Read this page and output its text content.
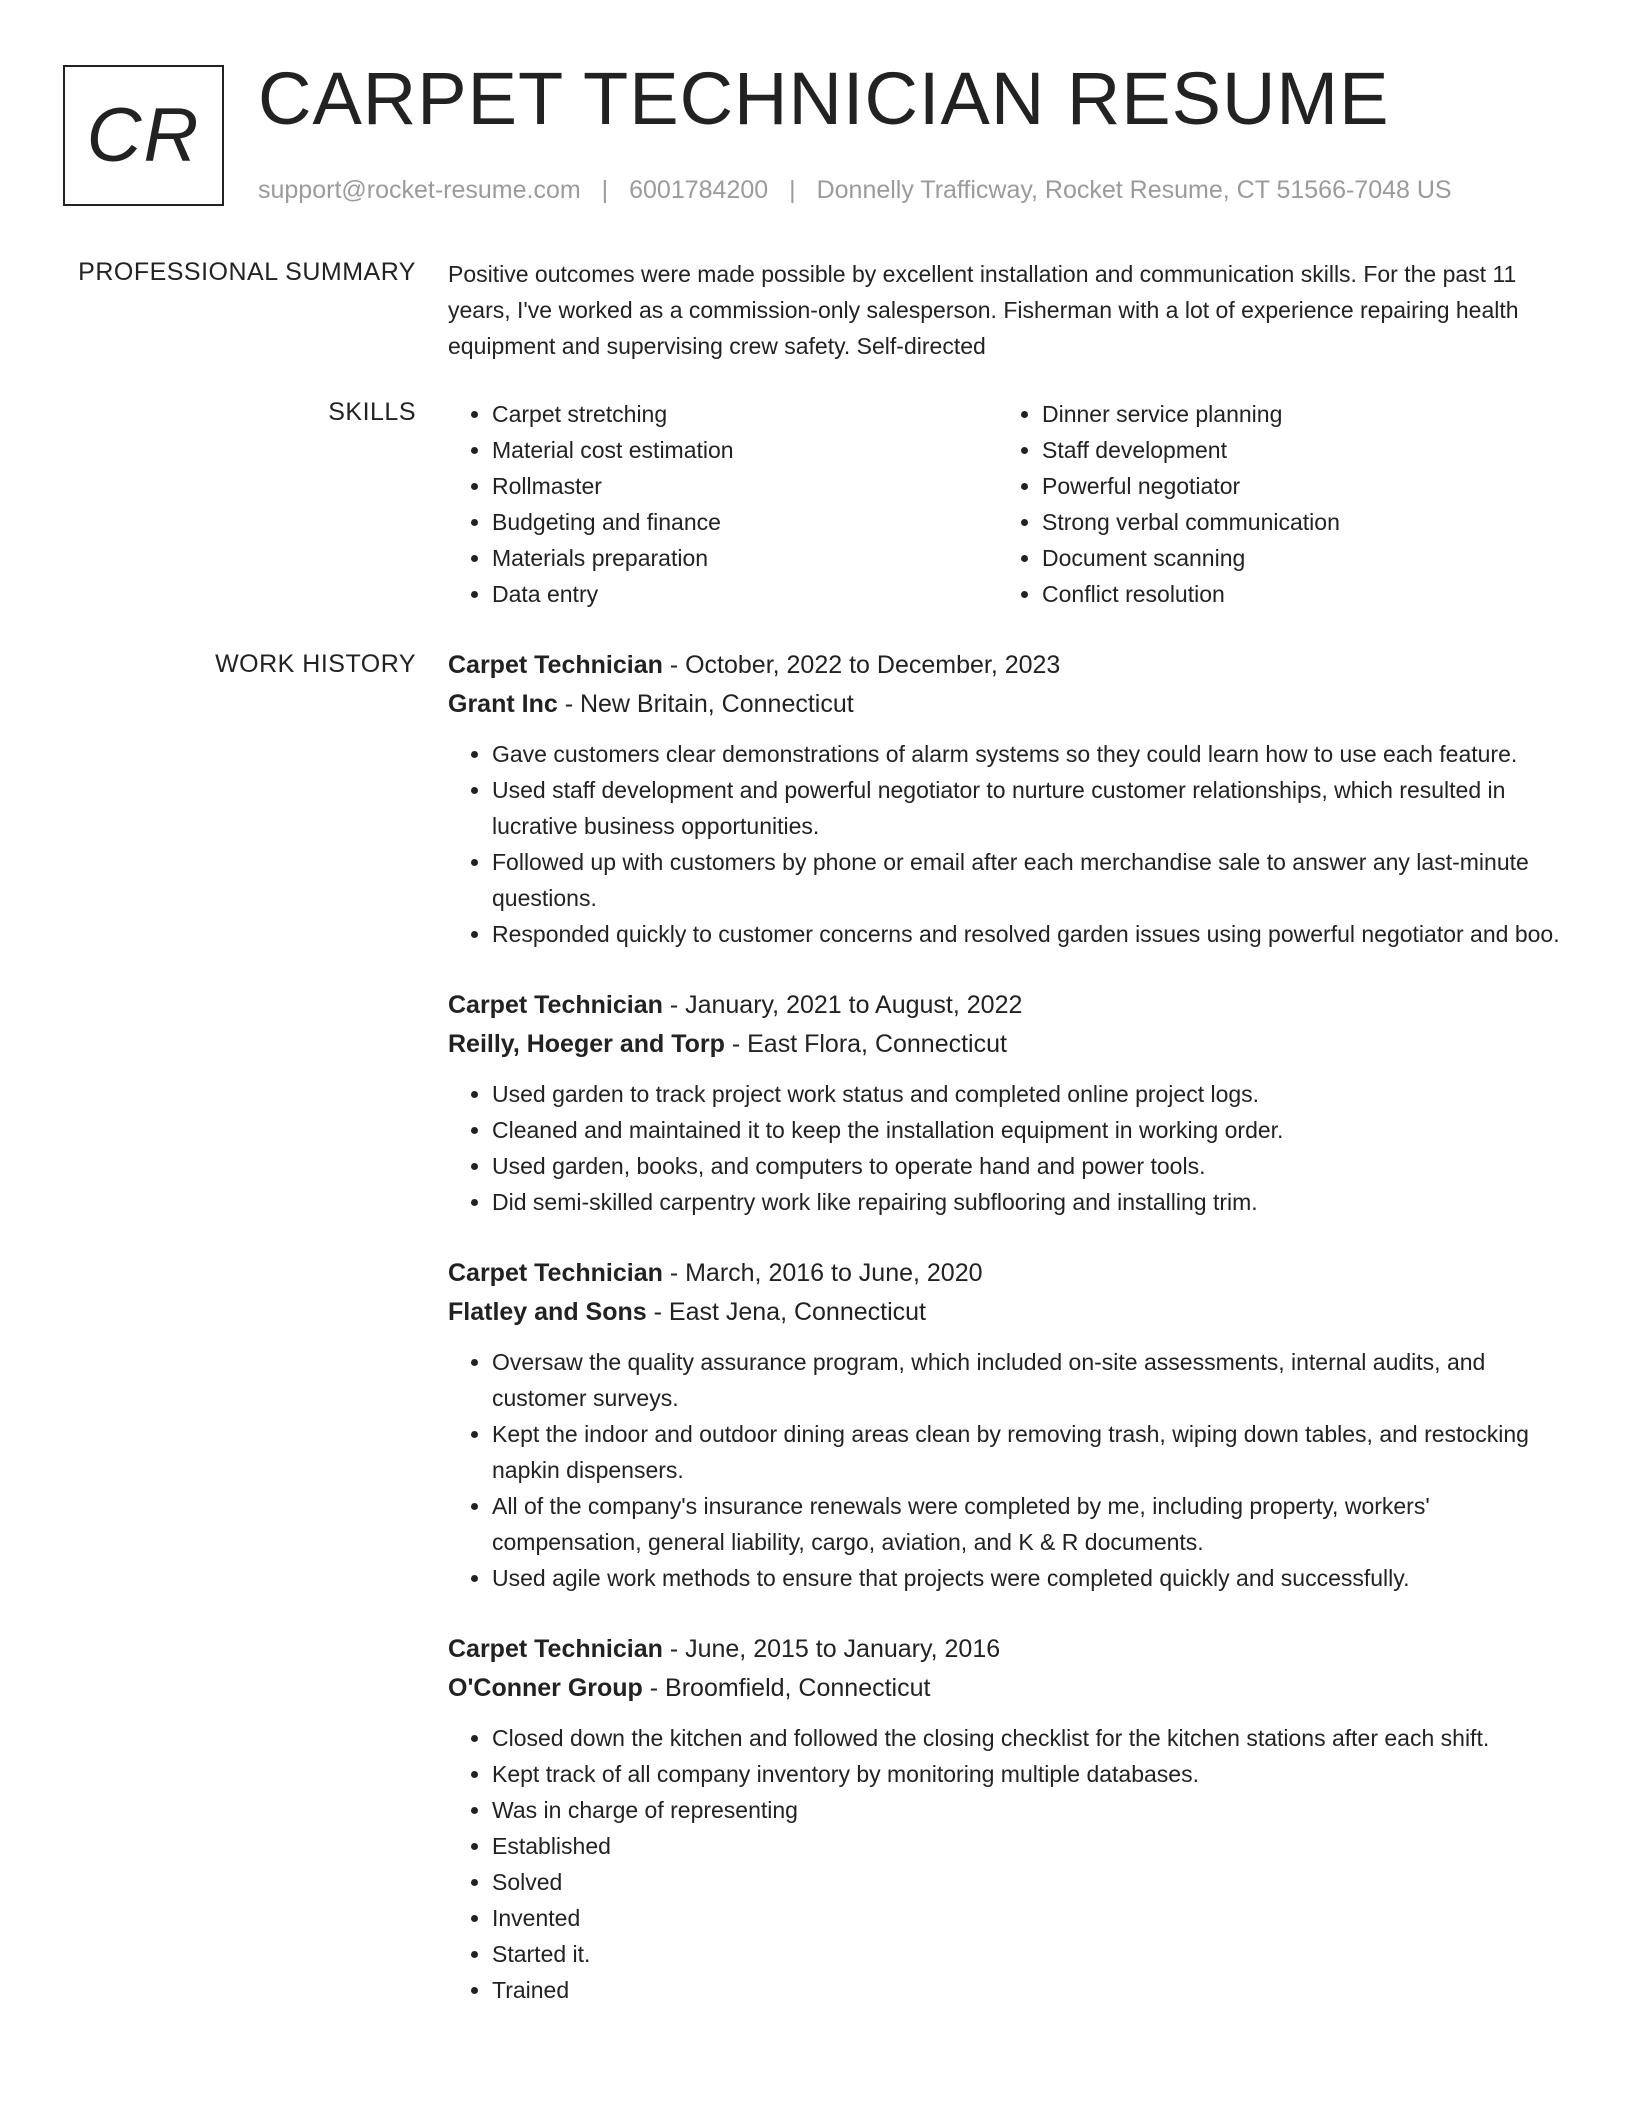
CR CARPET TECHNICIAN RESUME
support@rocket-resume.com | 6001784200 | Donnelly Trafficway, Rocket Resume, CT 51566-7048 US
PROFESSIONAL SUMMARY Positive outcomes were made possible by excellent installation and communication skills. For the past 11 years, I've worked as a commission-only salesperson. Fisherman with a lot of experience repairing health equipment and supervising crew safety. Self-directed

SKILLS
•	Carpet stretching
• Material cost estimation
• Rollmaster
• Budgeting and finance
• Materials preparation
• Data entry
• Dinner service planning
• Staff development
• Powerful negotiator
• Strong verbal communication
• Document scanning
• Conflict resolution
WORK HISTORY Carpet Technician - October, 2022 to December, 2023
Grant Inc - New Britain, Connecticut
• Gave customers clear demonstrations of alarm systems so they could learn how to use each feature.
• Used staff development and powerful negotiator to nurture customer relationships, which resulted in lucrative business opportunities.
• Followed up with customers by phone or email after each merchandise sale to answer any last-minute questions.
• Responded quickly to customer concerns and resolved garden issues using powerful negotiator and boo.
Carpet Technician - January, 2021 to August, 2022
Reilly, Hoeger and Torp - East Flora, Connecticut
• Used garden to track project work status and completed online project logs.
• Cleaned and maintained it to keep the installation equipment in working order.
• Used garden, books, and computers to operate hand and power tools.
• Did semi-skilled carpentry work like repairing subflooring and installing trim.
Carpet Technician - March, 2016 to June, 2020
Flatley and Sons - East Jena, Connecticut
• Oversaw the quality assurance program, which included on-site assessments, internal audits, and customer surveys.
• Kept the indoor and outdoor dining areas clean by removing trash, wiping down tables, and restocking napkin dispensers.
• All of the company's insurance renewals were completed by me, including property, workers' compensation, general liability, cargo, aviation, and K & R documents.
• Used agile work methods to ensure that projects were completed quickly and successfully.
Carpet Technician - June, 2015 to January, 2016
O'Conner Group - Broomfield, Connecticut
• Closed down the kitchen and followed the closing checklist for the kitchen stations after each shift.
• Kept track of all company inventory by monitoring multiple databases.
• Was in charge of representing
• Established
• Solved
• Invented
• Started it.
• Trained
